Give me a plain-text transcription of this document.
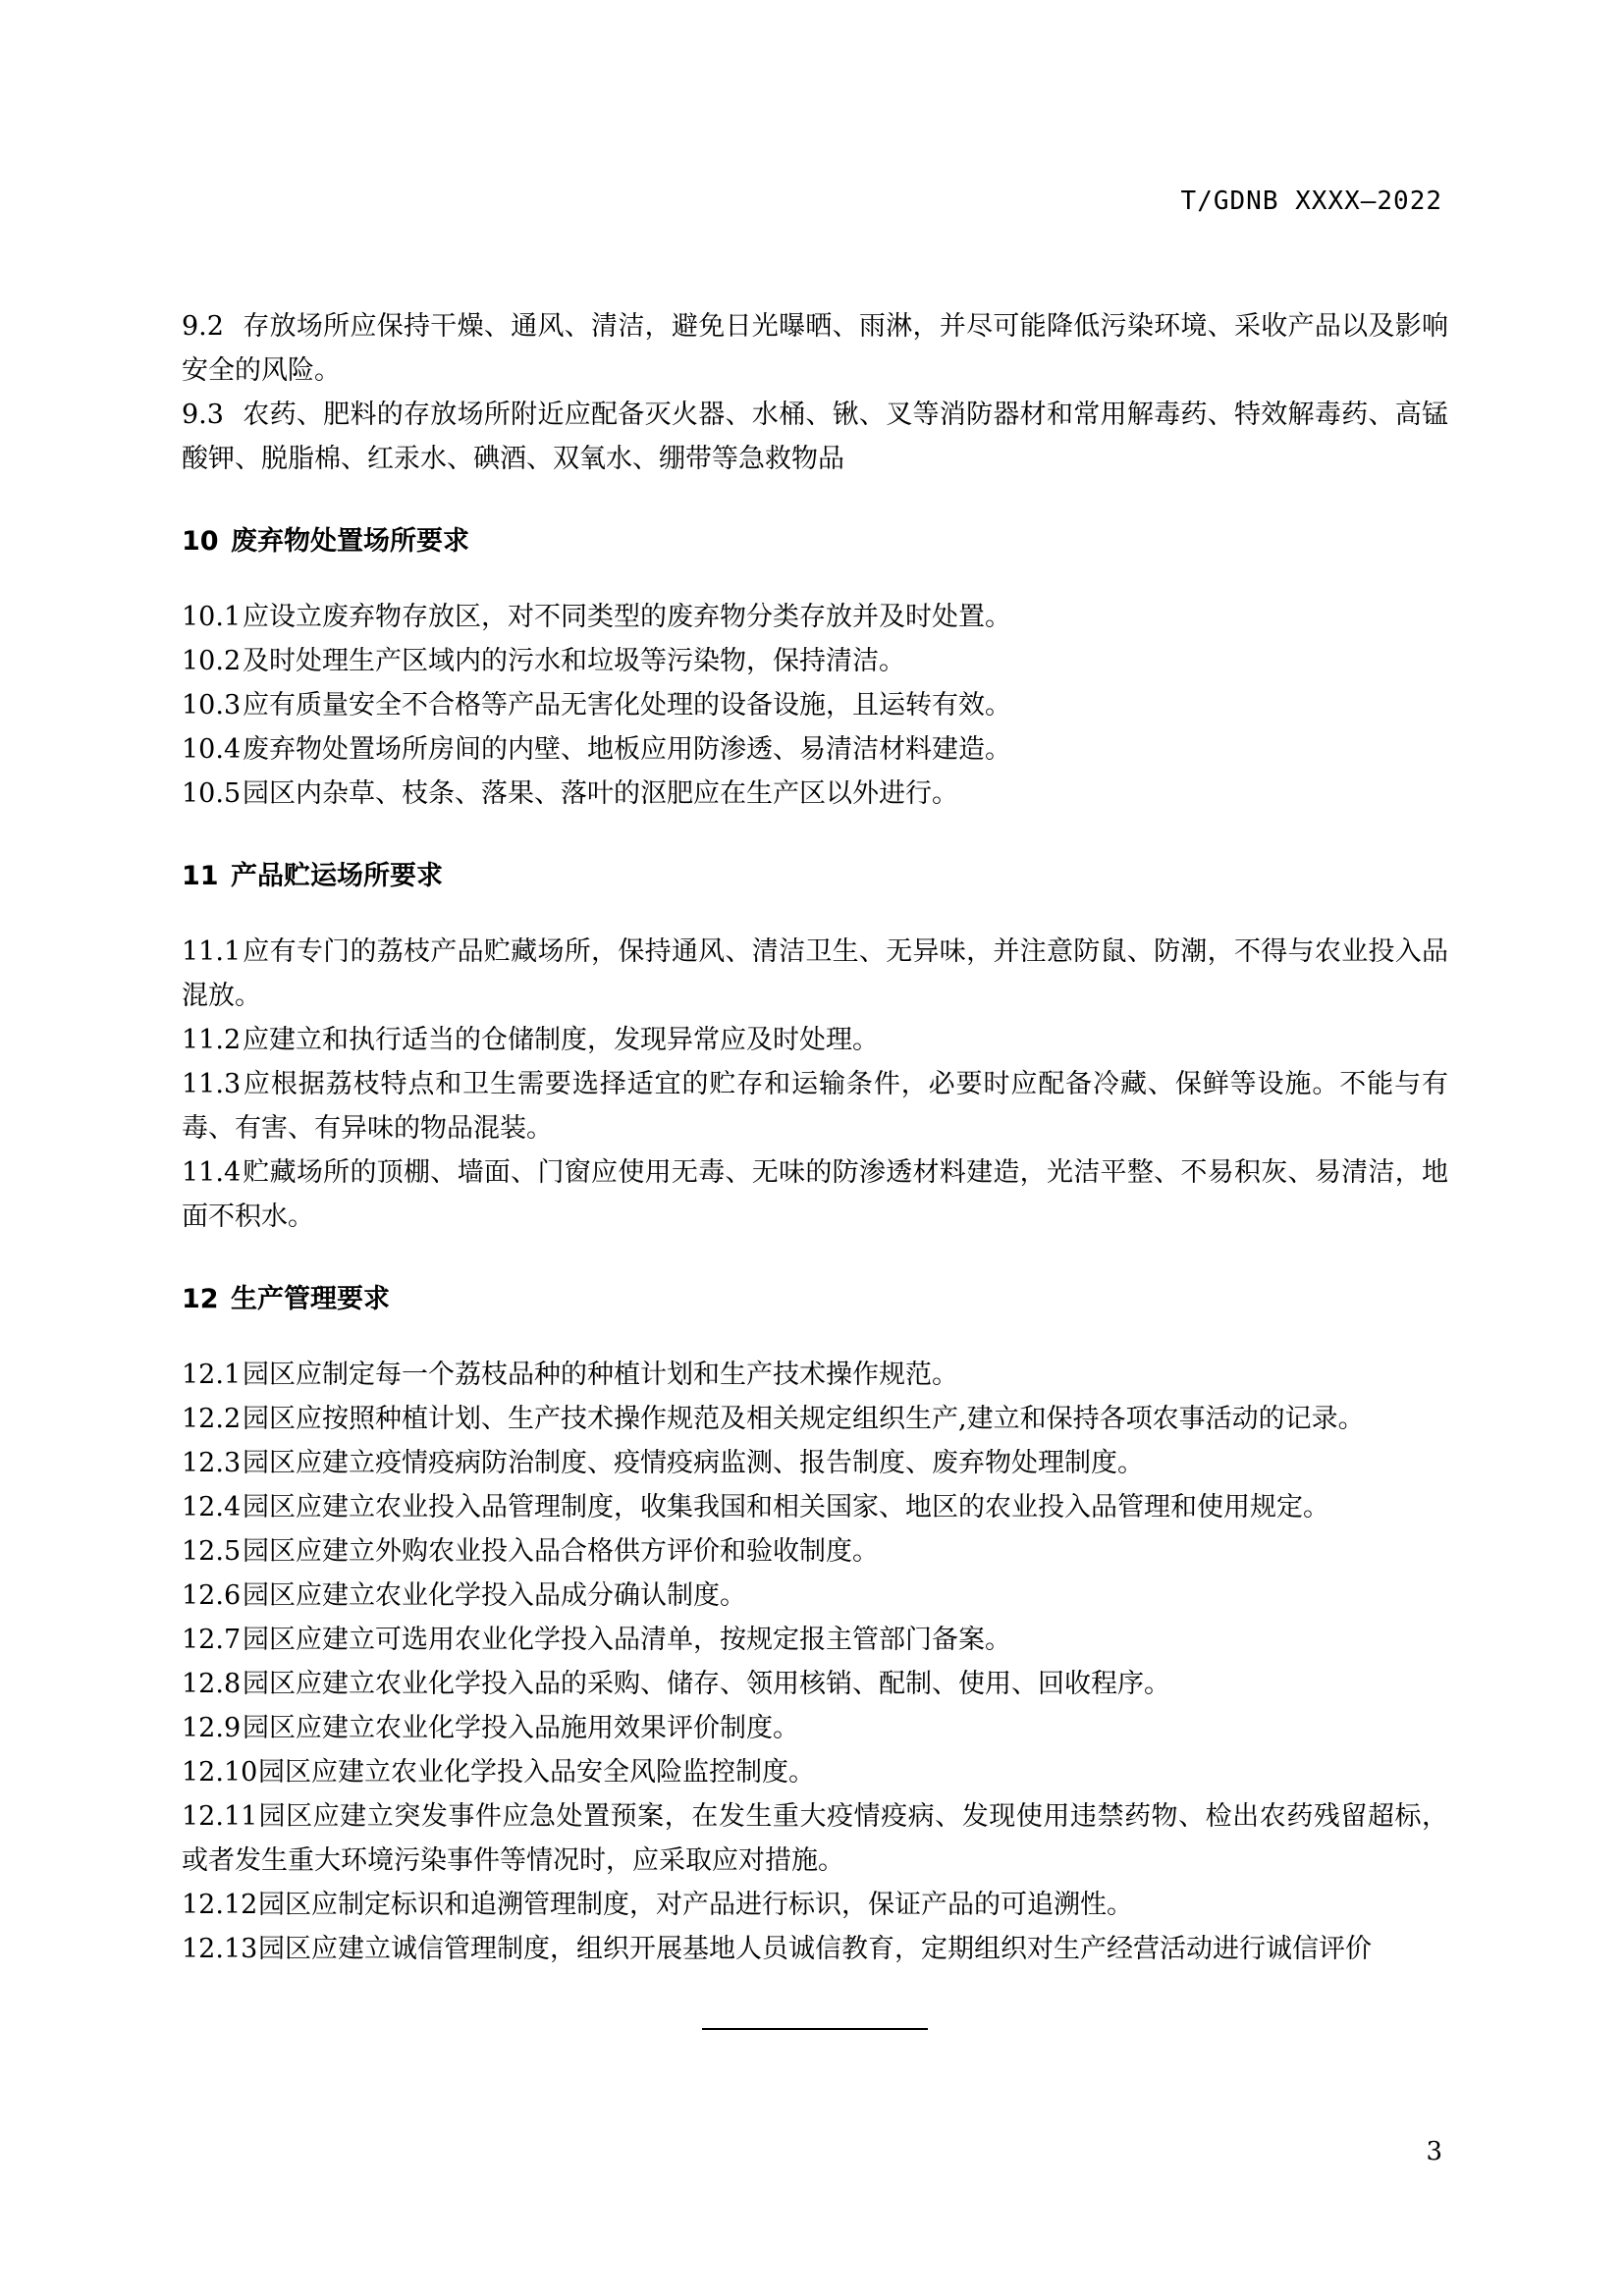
T/GDNB XXXX—2022

9.2 存放场所应保持干燥、通风、清洁，避免日光曝晒、雨淋，并尽可能降低污染环境、采收产品以及影响安全的风险。

9.3 农药、肥料的存放场所附近应配备灭火器、水桶、锹、叉等消防器材和常用解毒药、特效解毒药、高锰酸钾、脱脂棉、红汞水、碘酒、双氧水、绷带等急救物品

10 废弃物处置场所要求

10.1应设立废弃物存放区，对不同类型的废弃物分类存放并及时处置。

10.2及时处理生产区域内的污水和垃圾等污染物，保持清洁。

10.3应有质量安全不合格等产品无害化处理的设备设施，且运转有效。

10.4废弃物处置场所房间的内壁、地板应用防渗透、易清洁材料建造。

10.5园区内杂草、枝条、落果、落叶的沤肥应在生产区以外进行。

11 产品贮运场所要求

11.1应有专门的荔枝产品贮藏场所，保持通风、清洁卫生、无异味，并注意防鼠、防潮，不得与农业投入品混放。

11.2应建立和执行适当的仓储制度，发现异常应及时处理。

11.3应根据荔枝特点和卫生需要选择适宜的贮存和运输条件，必要时应配备冷藏、保鲜等设施。不能与有毒、有害、有异味的物品混装。

11.4贮藏场所的顶棚、墙面、门窗应使用无毒、无味的防渗透材料建造，光洁平整、不易积灰、易清洁，地面不积水。

12 生产管理要求

12.1园区应制定每一个荔枝品种的种植计划和生产技术操作规范。

12.2园区应按照种植计划、生产技术操作规范及相关规定组织生产,建立和保持各项农事活动的记录。

12.3园区应建立疫情疫病防治制度、疫情疫病监测、报告制度、废弃物处理制度。

12.4园区应建立农业投入品管理制度，收集我国和相关国家、地区的农业投入品管理和使用规定。

12.5园区应建立外购农业投入品合格供方评价和验收制度。

12.6园区应建立农业化学投入品成分确认制度。

12.7园区应建立可选用农业化学投入品清单，按规定报主管部门备案。

12.8园区应建立农业化学投入品的采购、储存、领用核销、配制、使用、回收程序。

12.9园区应建立农业化学投入品施用效果评价制度。

12.10园区应建立农业化学投入品安全风险监控制度。

12.11园区应建立突发事件应急处置预案，在发生重大疫情疫病、发现使用违禁药物、检出农药残留超标，或者发生重大环境污染事件等情况时，应采取应对措施。

12.12园区应制定标识和追溯管理制度，对产品进行标识，保证产品的可追溯性。

12.13园区应建立诚信管理制度，组织开展基地人员诚信教育，定期组织对生产经营活动进行诚信评价

3
